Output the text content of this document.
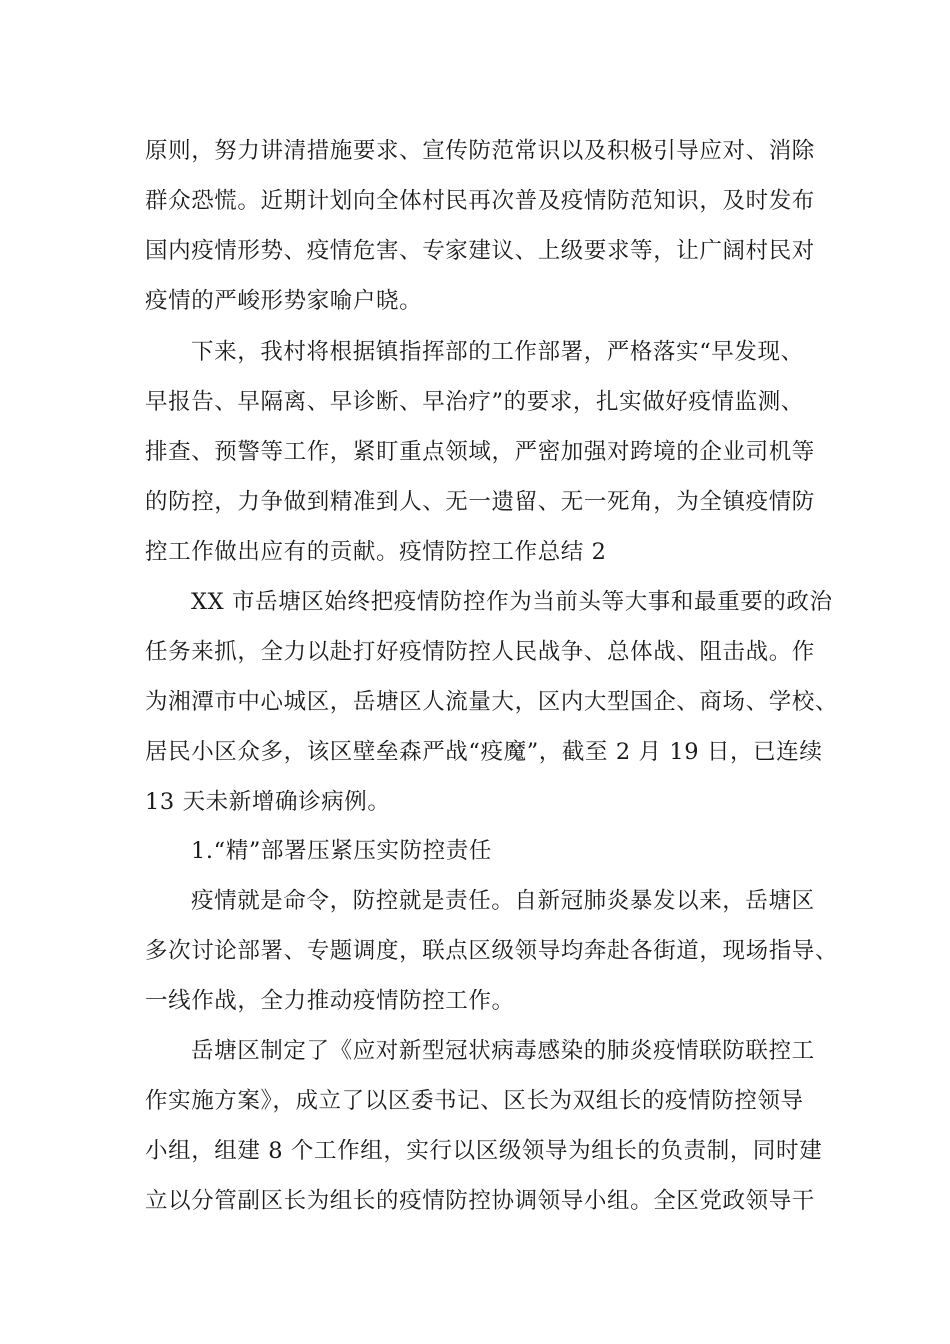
原则，努力讲清措施要求、宣传防范常识以及积极引导应对、消除
群众恐慌。近期计划向全体村民再次普及疫情防范知识，及时发布
国内疫情形势、疫情危害、专家建议、上级要求等，让广阔村民对
疫情的严峻形势家喻户晓。

下来，我村将根据镇指挥部的工作部署，严格落实“早发现、
早报告、早隔离、早诊断、早治疗”的要求，扎实做好疫情监测、
排查、预警等工作，紧盯重点领域，严密加强对跨境的企业司机等
的防控，力争做到精准到人、无一遗留、无一死角，为全镇疫情防
控工作做出应有的贡献。疫情防控工作总结 2

XX 市岳塘区始终把疫情防控作为当前头等大事和最重要的政治
任务来抓，全力以赴打好疫情防控人民战争、总体战、阻击战。作
为湘潭市中心城区，岳塘区人流量大，区内大型国企、商场、学校、
居民小区众多，该区壁垒森严战“疫魔”，截至 2 月 19 日，已连续
13 天未新增确诊病例。

1.“精”部署压紧压实防控责任

疫情就是命令，防控就是责任。自新冠肺炎暴发以来，岳塘区
多次讨论部署、专题调度，联点区级领导均奔赴各街道，现场指导、
一线作战，全力推动疫情防控工作。

岳塘区制定了《应对新型冠状病毒感染的肺炎疫情联防联控工
作实施方案》，成立了以区委书记、区长为双组长的疫情防控领导
小组，组建 8 个工作组，实行以区级领导为组长的负责制，同时建
立以分管副区长为组长的疫情防控协调领导小组。全区党政领导干
